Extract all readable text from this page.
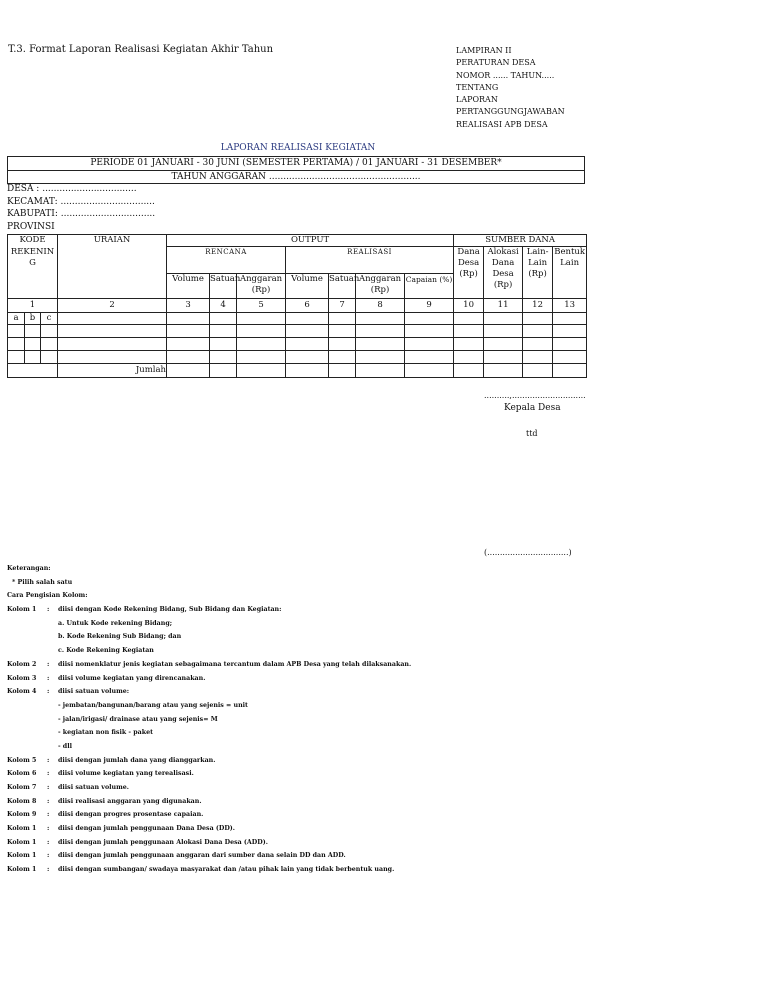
T.3. Format Laporan Realisasi Kegiatan Akhir Tahun	LAMPIRAN II
PERATURAN DESA
NOMOR ...... TAHUN.....
TENTANG
LAPORAN
PERTANGGUNGJAWABAN
REALISASI APB DESA
LAPORAN REALISASI KEGIATAN
PERIODE 01 JANUARI - 30 JUNI (SEMESTER PERTAMA) / 01 JANUARI - 31 DESEMBER*
TAHUN ANGGARAN .....................................................
DESA : .................................
KECAMAT: .................................
KABUPATI: .................................
PROVINSI
KODE			URAIAN	OUTPUT							SUMBER DANA			
REKENIN G				RENCANA			REALISASI				Dana Desa (Rp)	Alokasi Dana Desa (Rp)	Lain-Lain (Rp)	Bentuk Lain
				Volume	Satuan	Anggaran (Rp)	Volume	Satuan	Anggaran (Rp)	Capaian (%)				
1			2	3	4	5	6	7	8	9	10	11	12	13
a	b	c												

			Jumlah											
..........,.............................
Kepala Desa
ttd
(................................)
Keterangan:
* Pilih salah satu
Cara Pengisian Kolom:
Kolom 1 : diisi dengan Kode Rekening Bidang, Sub Bidang dan Kegiatan:
a. Untuk Kode rekening Bidang;
b. Kode Rekening Sub Bidang; dan
c. Kode Rekening Kegiatan
Kolom 2 : diisi nomenklatur jenis kegiatan sebagaimana tercantum dalam APB Desa yang telah dilaksanakan.
Kolom 3 : diisi volume kegiatan yang direncanakan.
Kolom 4 : diisi satuan volume:
- jembatan/bangunan/barang atau yang sejenis = unit
- jalan/irigasi/ drainase atau yang sejenis= M
- kegiatan non fisik - paket
- dll
Kolom 5 : diisi dengan jumlah dana yang dianggarkan.
Kolom 6 : diisi volume kegiatan yang terealisasi.
Kolom 7 : diisi satuan volume.
Kolom 8 : diisi realisasi anggaran yang digunakan.
Kolom 9 : diisi dengan progres prosentase capaian.
Kolom 1 : diisi dengan jumlah penggunaan Dana Desa (DD).
Kolom 1 : diisi dengan jumlah penggunaan Alokasi Dana Desa (ADD).
Kolom 1 : diisi dengan jumlah penggunaan anggaran dari sumber dana selain DD dan ADD.
Kolom 1 : diisi dengan sumbangan/ swadaya masyarakat dan /atau pihak lain yang tidak berbentuk uang.
